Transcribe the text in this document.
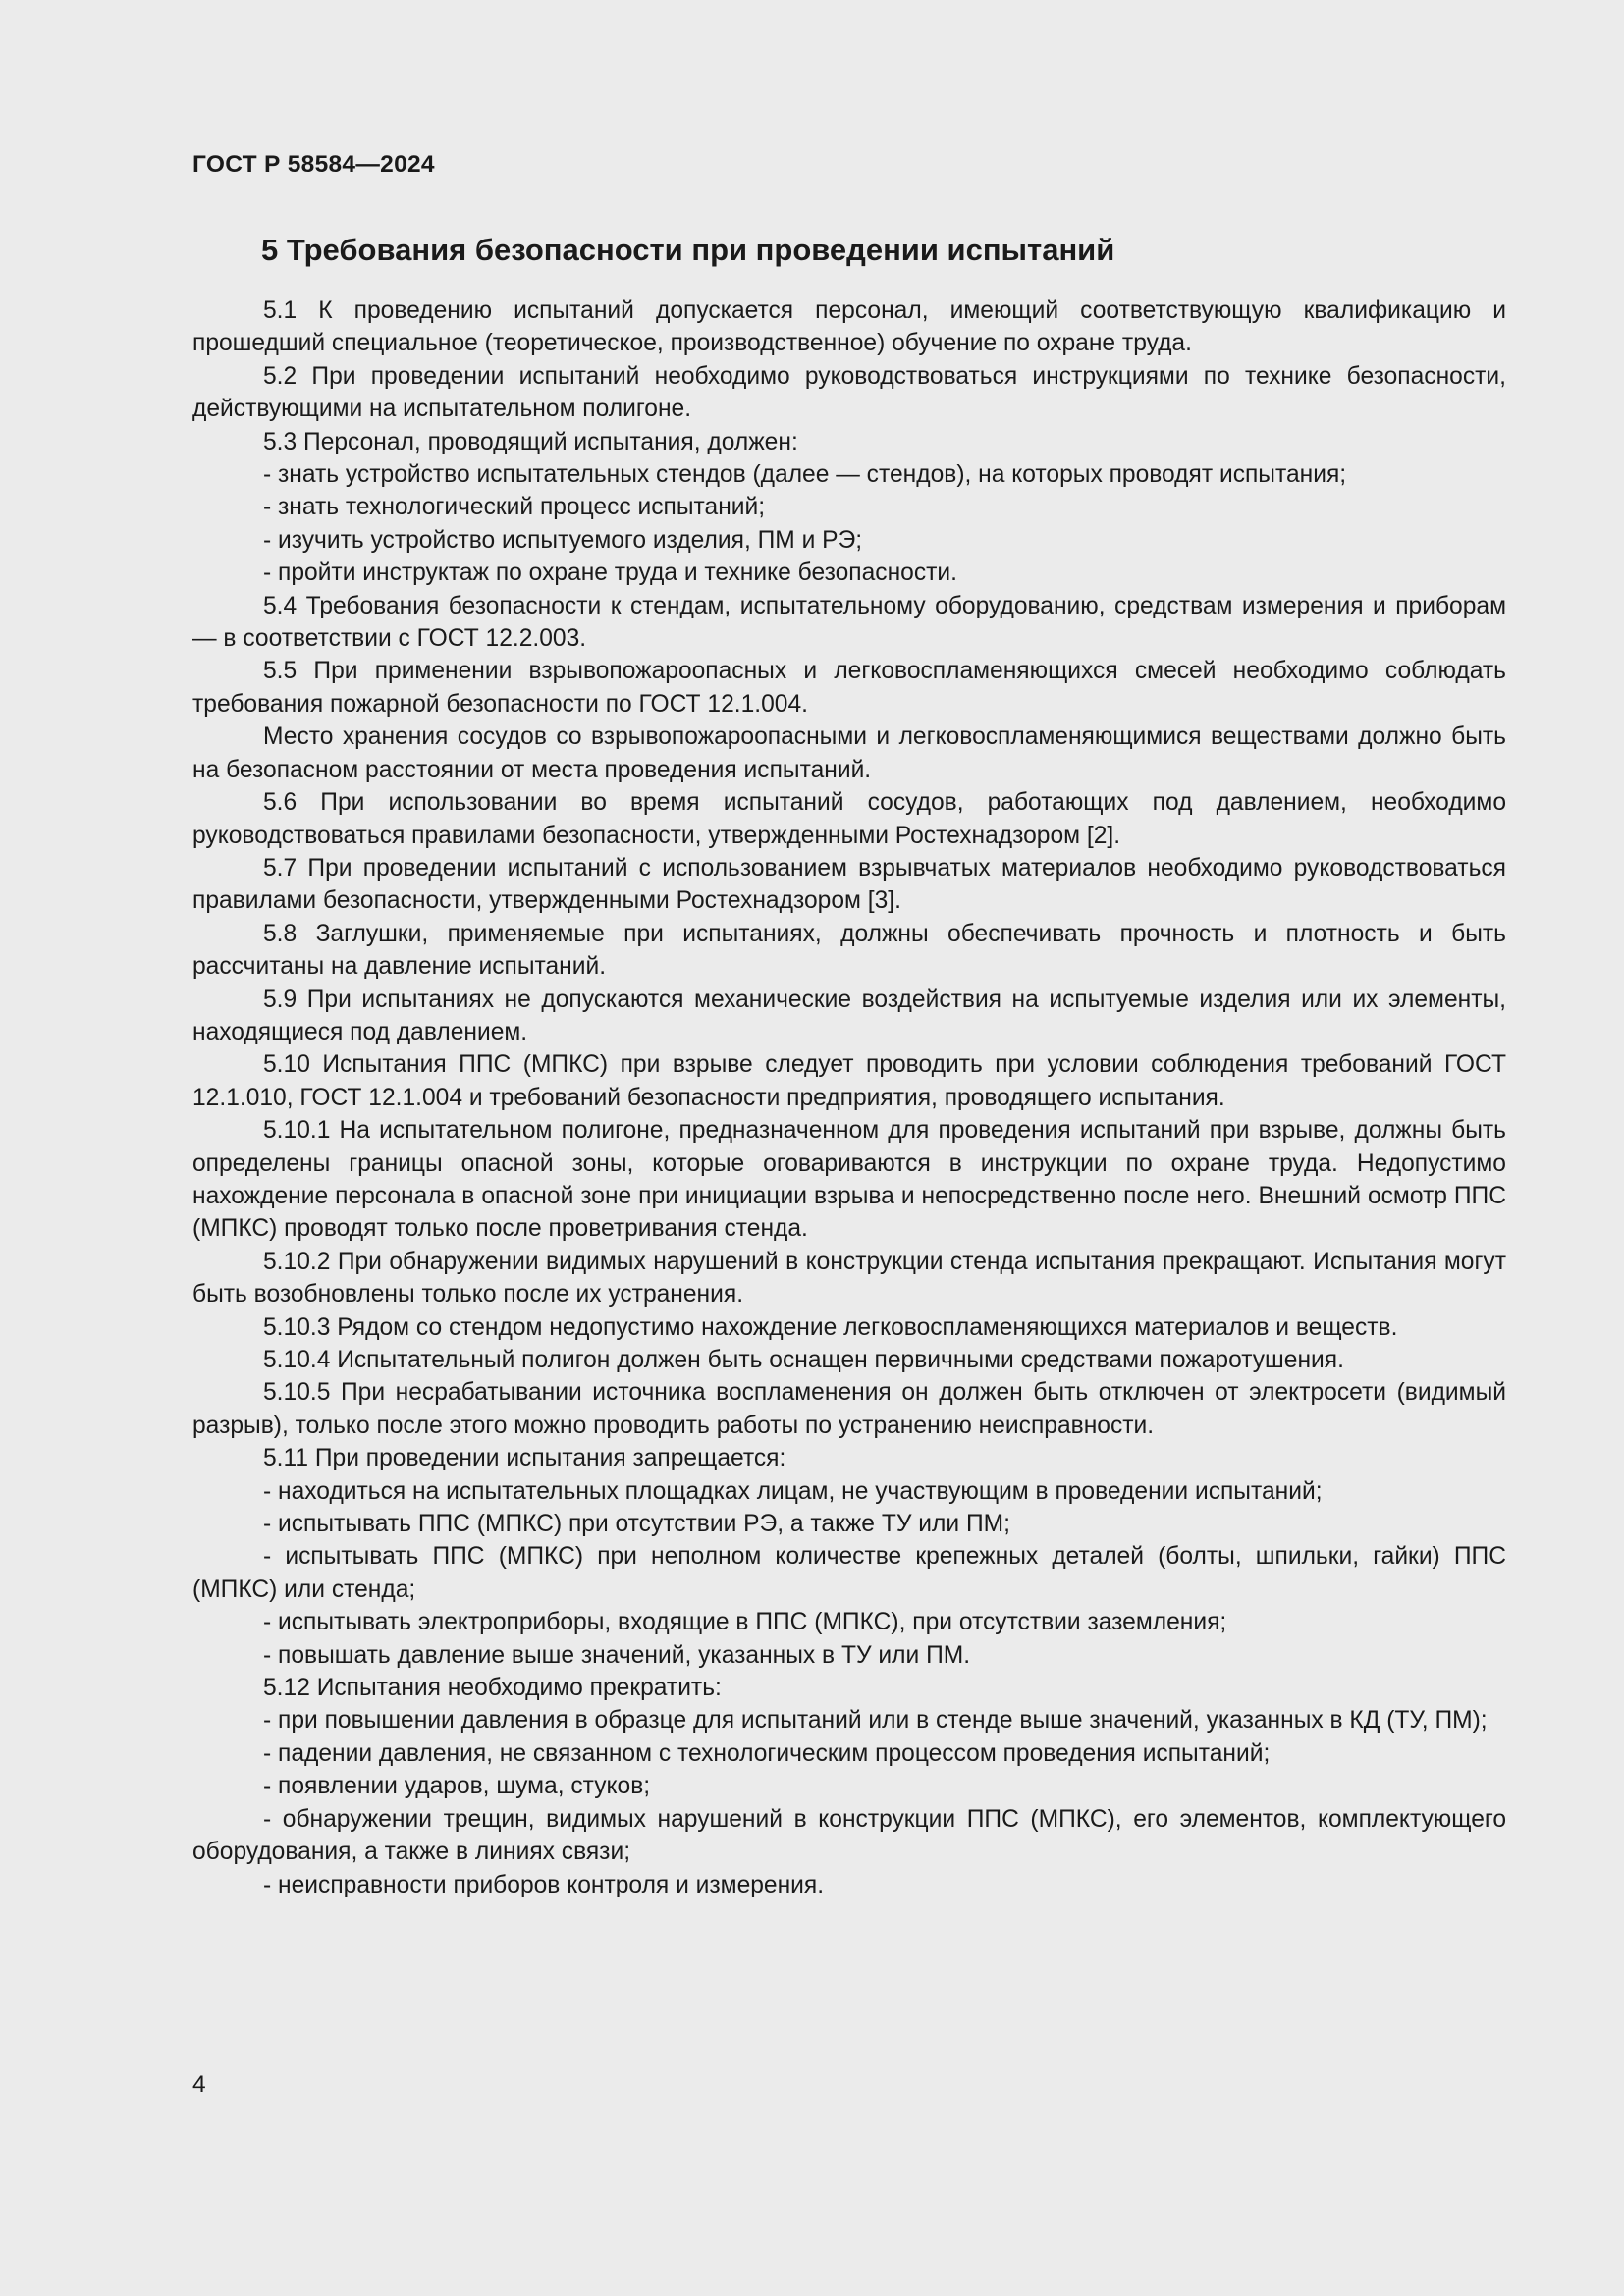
ГОСТ Р 58584—2024
5 Требования безопасности при проведении испытаний

5.1 К проведению испытаний допускается персонал, имеющий соответствующую квалификацию и прошедший специальное (теоретическое, производственное) обучение по охране труда.

5.2 При проведении испытаний необходимо руководствоваться инструкциями по технике безопасности, действующими на испытательном полигоне.

5.3 Персонал, проводящий испытания, должен:

- знать устройство испытательных стендов (далее — стендов), на которых проводят испытания;

- знать технологический процесс испытаний;

- изучить устройство испытуемого изделия, ПМ и РЭ;

- пройти инструктаж по охране труда и технике безопасности.

5.4 Требования безопасности к стендам, испытательному оборудованию, средствам измерения и приборам — в соответствии с ГОСТ 12.2.003.

5.5 При применении взрывопожароопасных и легковоспламеняющихся смесей необходимо соблюдать требования пожарной безопасности по ГОСТ 12.1.004.

Место хранения сосудов со взрывопожароопасными и легковоспламеняющимися веществами должно быть на безопасном расстоянии от места проведения испытаний.

5.6 При использовании во время испытаний сосудов, работающих под давлением, необходимо руководствоваться правилами безопасности, утвержденными Ростехнадзором [2].

5.7 При проведении испытаний с использованием взрывчатых материалов необходимо руководствоваться правилами безопасности, утвержденными Ростехнадзором [3].

5.8 Заглушки, применяемые при испытаниях, должны обеспечивать прочность и плотность и быть рассчитаны на давление испытаний.

5.9 При испытаниях не допускаются механические воздействия на испытуемые изделия или их элементы, находящиеся под давлением.

5.10 Испытания ППС (МПКС) при взрыве следует проводить при условии соблюдения требований ГОСТ 12.1.010, ГОСТ 12.1.004 и требований безопасности предприятия, проводящего испытания.

5.10.1 На испытательном полигоне, предназначенном для проведения испытаний при взрыве, должны быть определены границы опасной зоны, которые оговариваются в инструкции по охране труда. Недопустимо нахождение персонала в опасной зоне при инициации взрыва и непосредственно после него. Внешний осмотр ППС (МПКС) проводят только после проветривания стенда.

5.10.2 При обнаружении видимых нарушений в конструкции стенда испытания прекращают. Испытания могут быть возобновлены только после их устранения.

5.10.3 Рядом со стендом недопустимо нахождение легковоспламеняющихся материалов и веществ.

5.10.4 Испытательный полигон должен быть оснащен первичными средствами пожаротушения.

5.10.5 При несрабатывании источника воспламенения он должен быть отключен от электросети (видимый разрыв), только после этого можно проводить работы по устранению неисправности.

5.11 При проведении испытания запрещается:

- находиться на испытательных площадках лицам, не участвующим в проведении испытаний;

- испытывать ППС (МПКС) при отсутствии РЭ, а также ТУ или ПМ;

- испытывать ППС (МПКС) при неполном количестве крепежных деталей (болты, шпильки, гайки) ППС (МПКС) или стенда;

- испытывать электроприборы, входящие в ППС (МПКС), при отсутствии заземления;

- повышать давление выше значений, указанных в ТУ или ПМ.

5.12 Испытания необходимо прекратить:

- при повышении давления в образце для испытаний или в стенде выше значений, указанных в КД (ТУ, ПМ);

- падении давления, не связанном с технологическим процессом проведения испытаний;

- появлении ударов, шума, стуков;

- обнаружении трещин, видимых нарушений в конструкции ППС (МПКС), его элементов, комплектующего оборудования, а также в линиях связи;

- неисправности приборов контроля и измерения.

4
